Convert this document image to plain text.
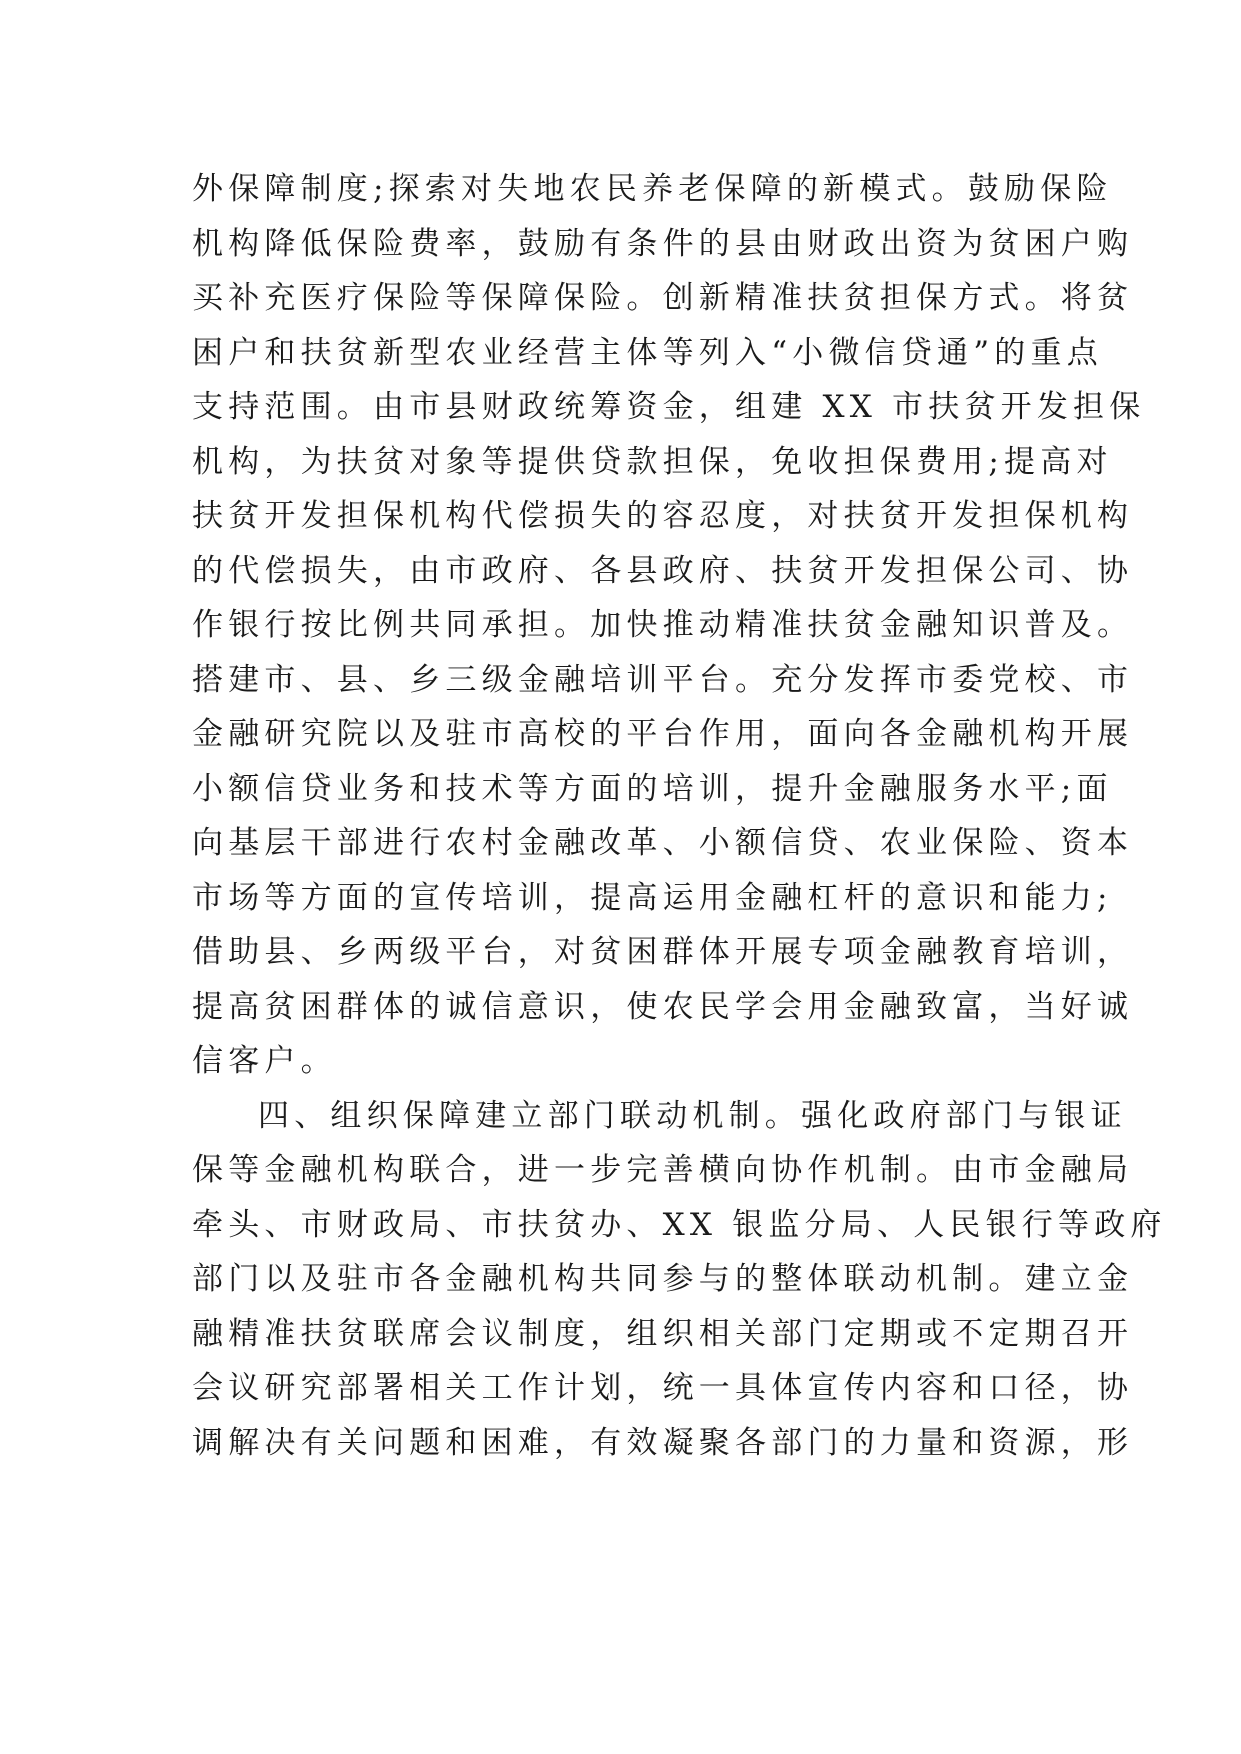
外保障制度;探索对失地农民养老保障的新模式。鼓励保险
机构降低保险费率，鼓励有条件的县由财政出资为贫困户购
买补充医疗保险等保障保险。创新精准扶贫担保方式。将贫
困户和扶贫新型农业经营主体等列入“小微信贷通”的重点
支持范围。由市县财政统筹资金，组建 XX 市扶贫开发担保
机构，为扶贫对象等提供贷款担保，免收担保费用;提高对
扶贫开发担保机构代偿损失的容忍度，对扶贫开发担保机构
的代偿损失，由市政府、各县政府、扶贫开发担保公司、协
作银行按比例共同承担。加快推动精准扶贫金融知识普及。
搭建市、县、乡三级金融培训平台。充分发挥市委党校、市
金融研究院以及驻市高校的平台作用，面向各金融机构开展
小额信贷业务和技术等方面的培训，提升金融服务水平;面
向基层干部进行农村金融改革、小额信贷、农业保险、资本
市场等方面的宣传培训，提高运用金融杠杆的意识和能力;
借助县、乡两级平台，对贫困群体开展专项金融教育培训，
提高贫困群体的诚信意识，使农民学会用金融致富，当好诚
信客户。
四、组织保障建立部门联动机制。强化政府部门与银证
保等金融机构联合，进一步完善横向协作机制。由市金融局
牵头、市财政局、市扶贫办、XX 银监分局、人民银行等政府
部门以及驻市各金融机构共同参与的整体联动机制。建立金
融精准扶贫联席会议制度，组织相关部门定期或不定期召开
会议研究部署相关工作计划，统一具体宣传内容和口径，协
调解决有关问题和困难，有效凝聚各部门的力量和资源，形
